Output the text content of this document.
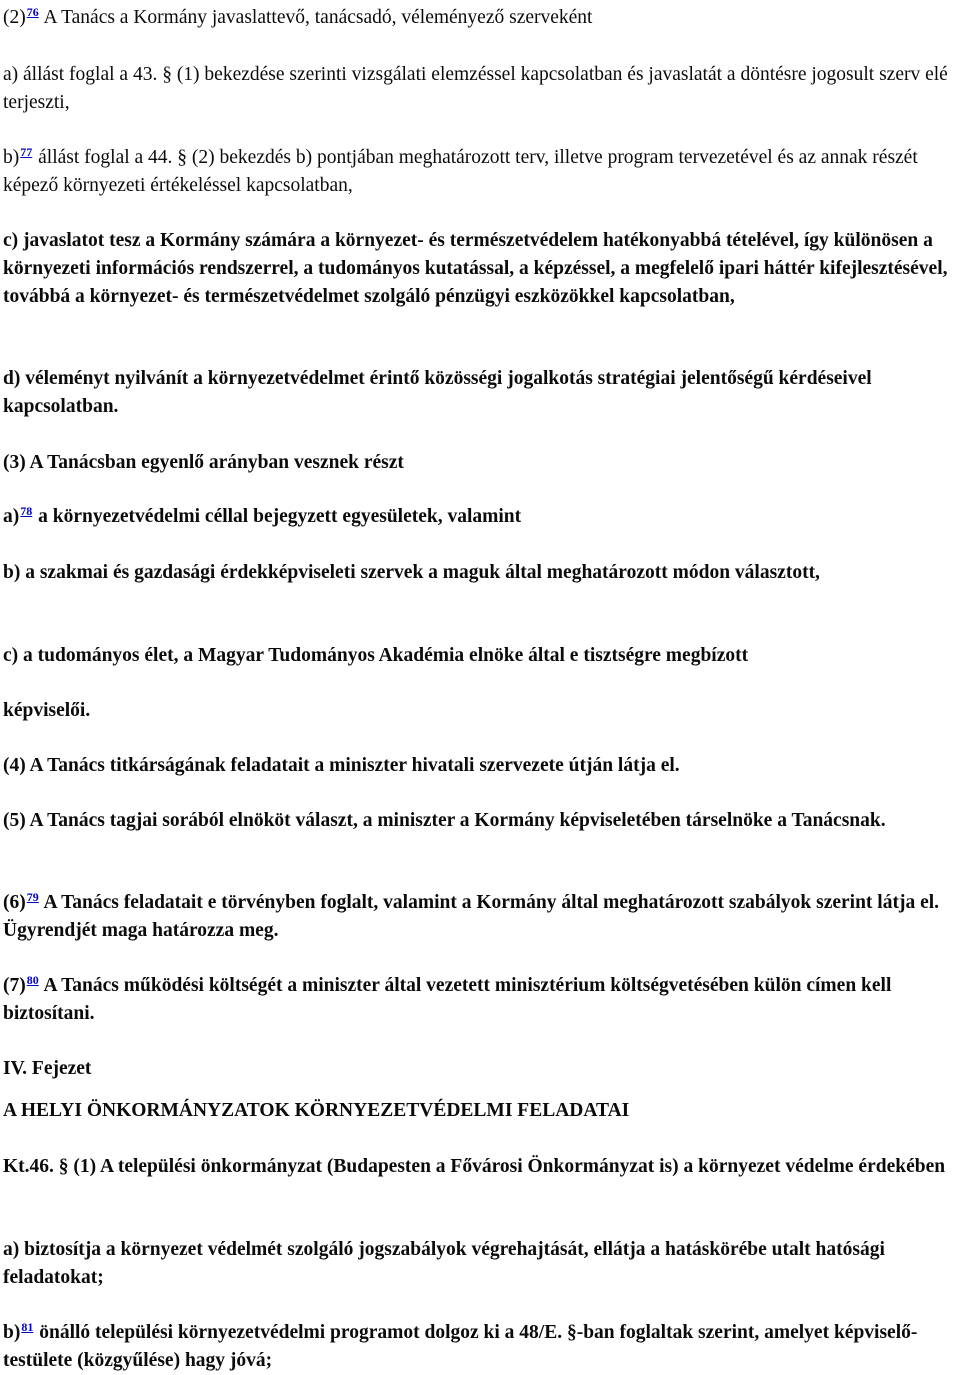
(2)$^{76}$ A Tanács a Kormány javaslattevő, tanácsadó, véleményező szerveként

a) állást foglal a 43. § (1) bekezdése szerinti vizsgálati elemzéssel kapcsolatban és javaslatát a döntésre jogosult szerv elé terjeszti,

b)$^{77}$ állást foglal a 44. § (2) bekezdés b) pontjában meghatározott terv, illetve program tervezetével és az annak részét képező környezeti értékeléssel kapcsolatban,

c) javaslatot tesz a Kormány számára a környezet- és természetvédelem hatékonyabbá tételével, így különösen a környezeti információs rendszerrel, a tudományos kutatással, a képzéssel, a megfelelő ipari háttér kifejlesztésével, továbbá a környezet- és természetvédelmet szolgáló pénzügyi eszközökkel kapcsolatban,

d) véleményt nyilvánít a környezetvédelmet érintő közösségi jogalkotás stratégiai jelentőségű kérdéseivel kapcsolatban.

(3) A Tanácsban egyenlő arányban vesznek részt

a)$^{78}$ a környezetvédelmi céllal bejegyzett egyesületek, valamint

b) a szakmai és gazdasági érdekképviseleti szervek a maguk által meghatározott módon választott,

c) a tudományos élet, a Magyar Tudományos Akadémia elnöke által e tisztségre megbízott

képviselői.

(4) A Tanács titkárságának feladatait a miniszter hivatali szervezete útján látja el.

(5) A Tanács tagjai sorából elnököt választ, a miniszter a Kormány képviseletében társelnöke a Tanácsnak.

(6)$^{79}$ A Tanács feladatait e törvényben foglalt, valamint a Kormány által meghatározott szabályok szerint látja el. Ügyrendjét maga határozza meg.

(7)$^{80}$ A Tanács működési költségét a miniszter által vezetett minisztérium költségvetésében külön címen kell biztosítani.

IV. Fejezet

A HELYI ÖNKORMÁNYZATOK KÖRNYEZETVÉDELMI FELADATAI

Kt.46. § (1) A települési önkormányzat (Budapesten a Fővárosi Önkormányzat is) a környezet védelme érdekében

a) biztosítja a környezet védelmét szolgáló jogszabályok végrehajtását, ellátja a hatáskörébe utalt hatósági feladatokat;

b)$^{81}$ önálló települési környezetvédelmi programot dolgoz ki a 48/E. §-ban foglaltak szerint, amelyet képviselő-testülete (közgyűlése) hagy jóvá;
